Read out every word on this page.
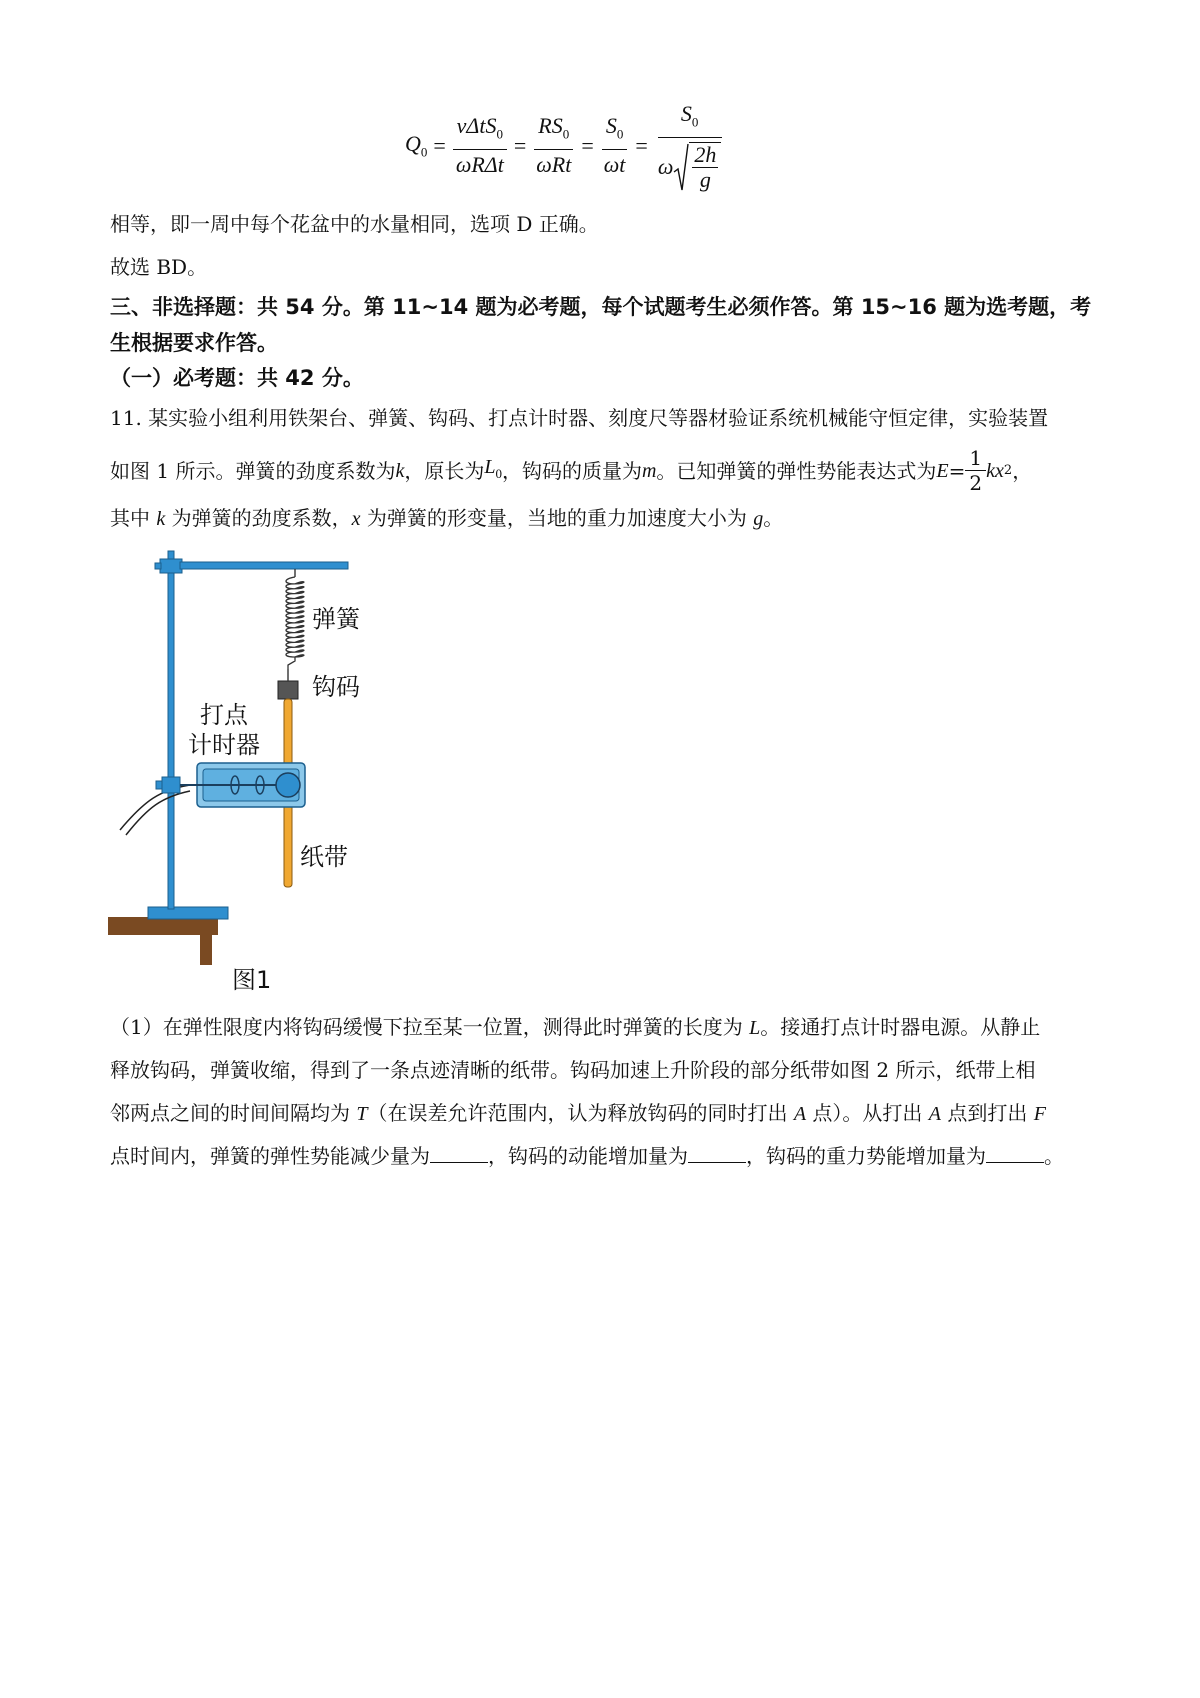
$Q_0 = \frac{v\Delta tS_0}{\text{ωRΔt}} = \frac{RS_0}{\text{ωRt}} = \frac{S_0}{\omega t} = S_0$
ω 2h
g
相等，即一周中每个花盆中的水量相同，选项 D 正确。
故选 BD。
三、非选择题：共 54 分。第 11~14 题为必考题，每个试题考生必须作答。第 15~16 题为选考题，考生根据要求作答。
（一）必考题：共 42 分。
11. 某实验小组利用铁架台、弹簧、钩码、打点计时器、刻度尺等器材验证系统机械能守恒定律，实验装置
如图 1 所示。弹簧的劲度系数为 k ，原长为 $L_0$ ，钩码的质量为 m 。已知弹簧的弹性势能表达式为 $E = \frac{1}{2}$ kx 2 ，
其中 k 为弹簧的劲度系数，x 为弹簧的形变量，当地的重力加速度大小为 g。
弹簧
钩码
打点
计时器
纸带
图1
（1）在弹性限度内将钩码缓慢下拉至某一位置，测得此时弹簧的长度为 L。接通打点计时器电源。从静止
释放钩码，弹簧收缩，得到了一条点迹清晰的纸带。钩码加速上升阶段的部分纸带如图 2 所示，纸带上相
邻两点之间的时间间隔均为 T（在误差允许范围内，认为释放钩码的同时打出 A 点）。从打出 A 点到打出 F
点时间内，弹簧的弹性势能减少量为	，钩码的动能增加量为	，钩码的重力势能增加量为	。
